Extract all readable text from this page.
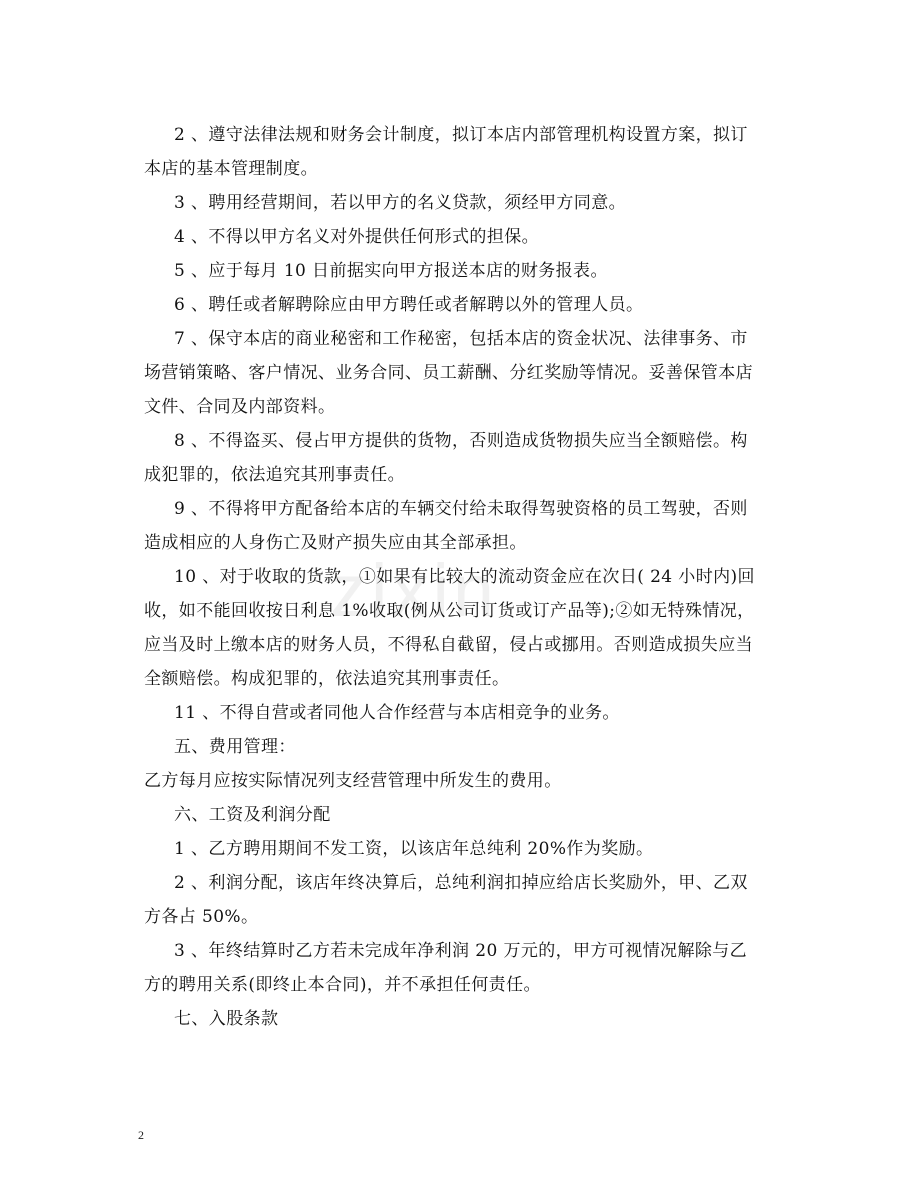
zixin
2 、遵守法律法规和财务会计制度，拟订本店内部管理机构设置方案，拟订
本店的基本管理制度。
3 、聘用经营期间，若以甲方的名义贷款，须经甲方同意。
4 、不得以甲方名义对外提供任何形式的担保。
5 、应于每月 10 日前据实向甲方报送本店的财务报表。
6 、聘任或者解聘除应由甲方聘任或者解聘以外的管理人员。
7 、保守本店的商业秘密和工作秘密，包括本店的资金状况、法律事务、市
场营销策略、客户情况、业务合同、员工薪酬、分红奖励等情况。妥善保管本店
文件、合同及内部资料。
8 、不得盗买、侵占甲方提供的货物，否则造成货物损失应当全额赔偿。构
成犯罪的，依法追究其刑事责任。
9 、不得将甲方配备给本店的车辆交付给未取得驾驶资格的员工驾驶，否则
造成相应的人身伤亡及财产损失应由其全部承担。
10 、对于收取的货款，①如果有比较大的流动资金应在次日( 24 小时内)回
收，如不能回收按日利息 1%收取(例从公司订货或订产品等);②如无特殊情况，
应当及时上缴本店的财务人员，不得私自截留，侵占或挪用。否则造成损失应当
全额赔偿。构成犯罪的，依法追究其刑事责任。
11 、不得自营或者同他人合作经营与本店相竞争的业务。
五、费用管理：
乙方每月应按实际情况列支经营管理中所发生的费用。
六、工资及利润分配
1 、乙方聘用期间不发工资，以该店年总纯利 20%作为奖励。
2 、利润分配，该店年终决算后，总纯利润扣掉应给店长奖励外，甲、乙双
方各占 50%。
3 、年终结算时乙方若未完成年净利润 20 万元的，甲方可视情况解除与乙
方的聘用关系(即终止本合同)，并不承担任何责任。
七、入股条款
2
